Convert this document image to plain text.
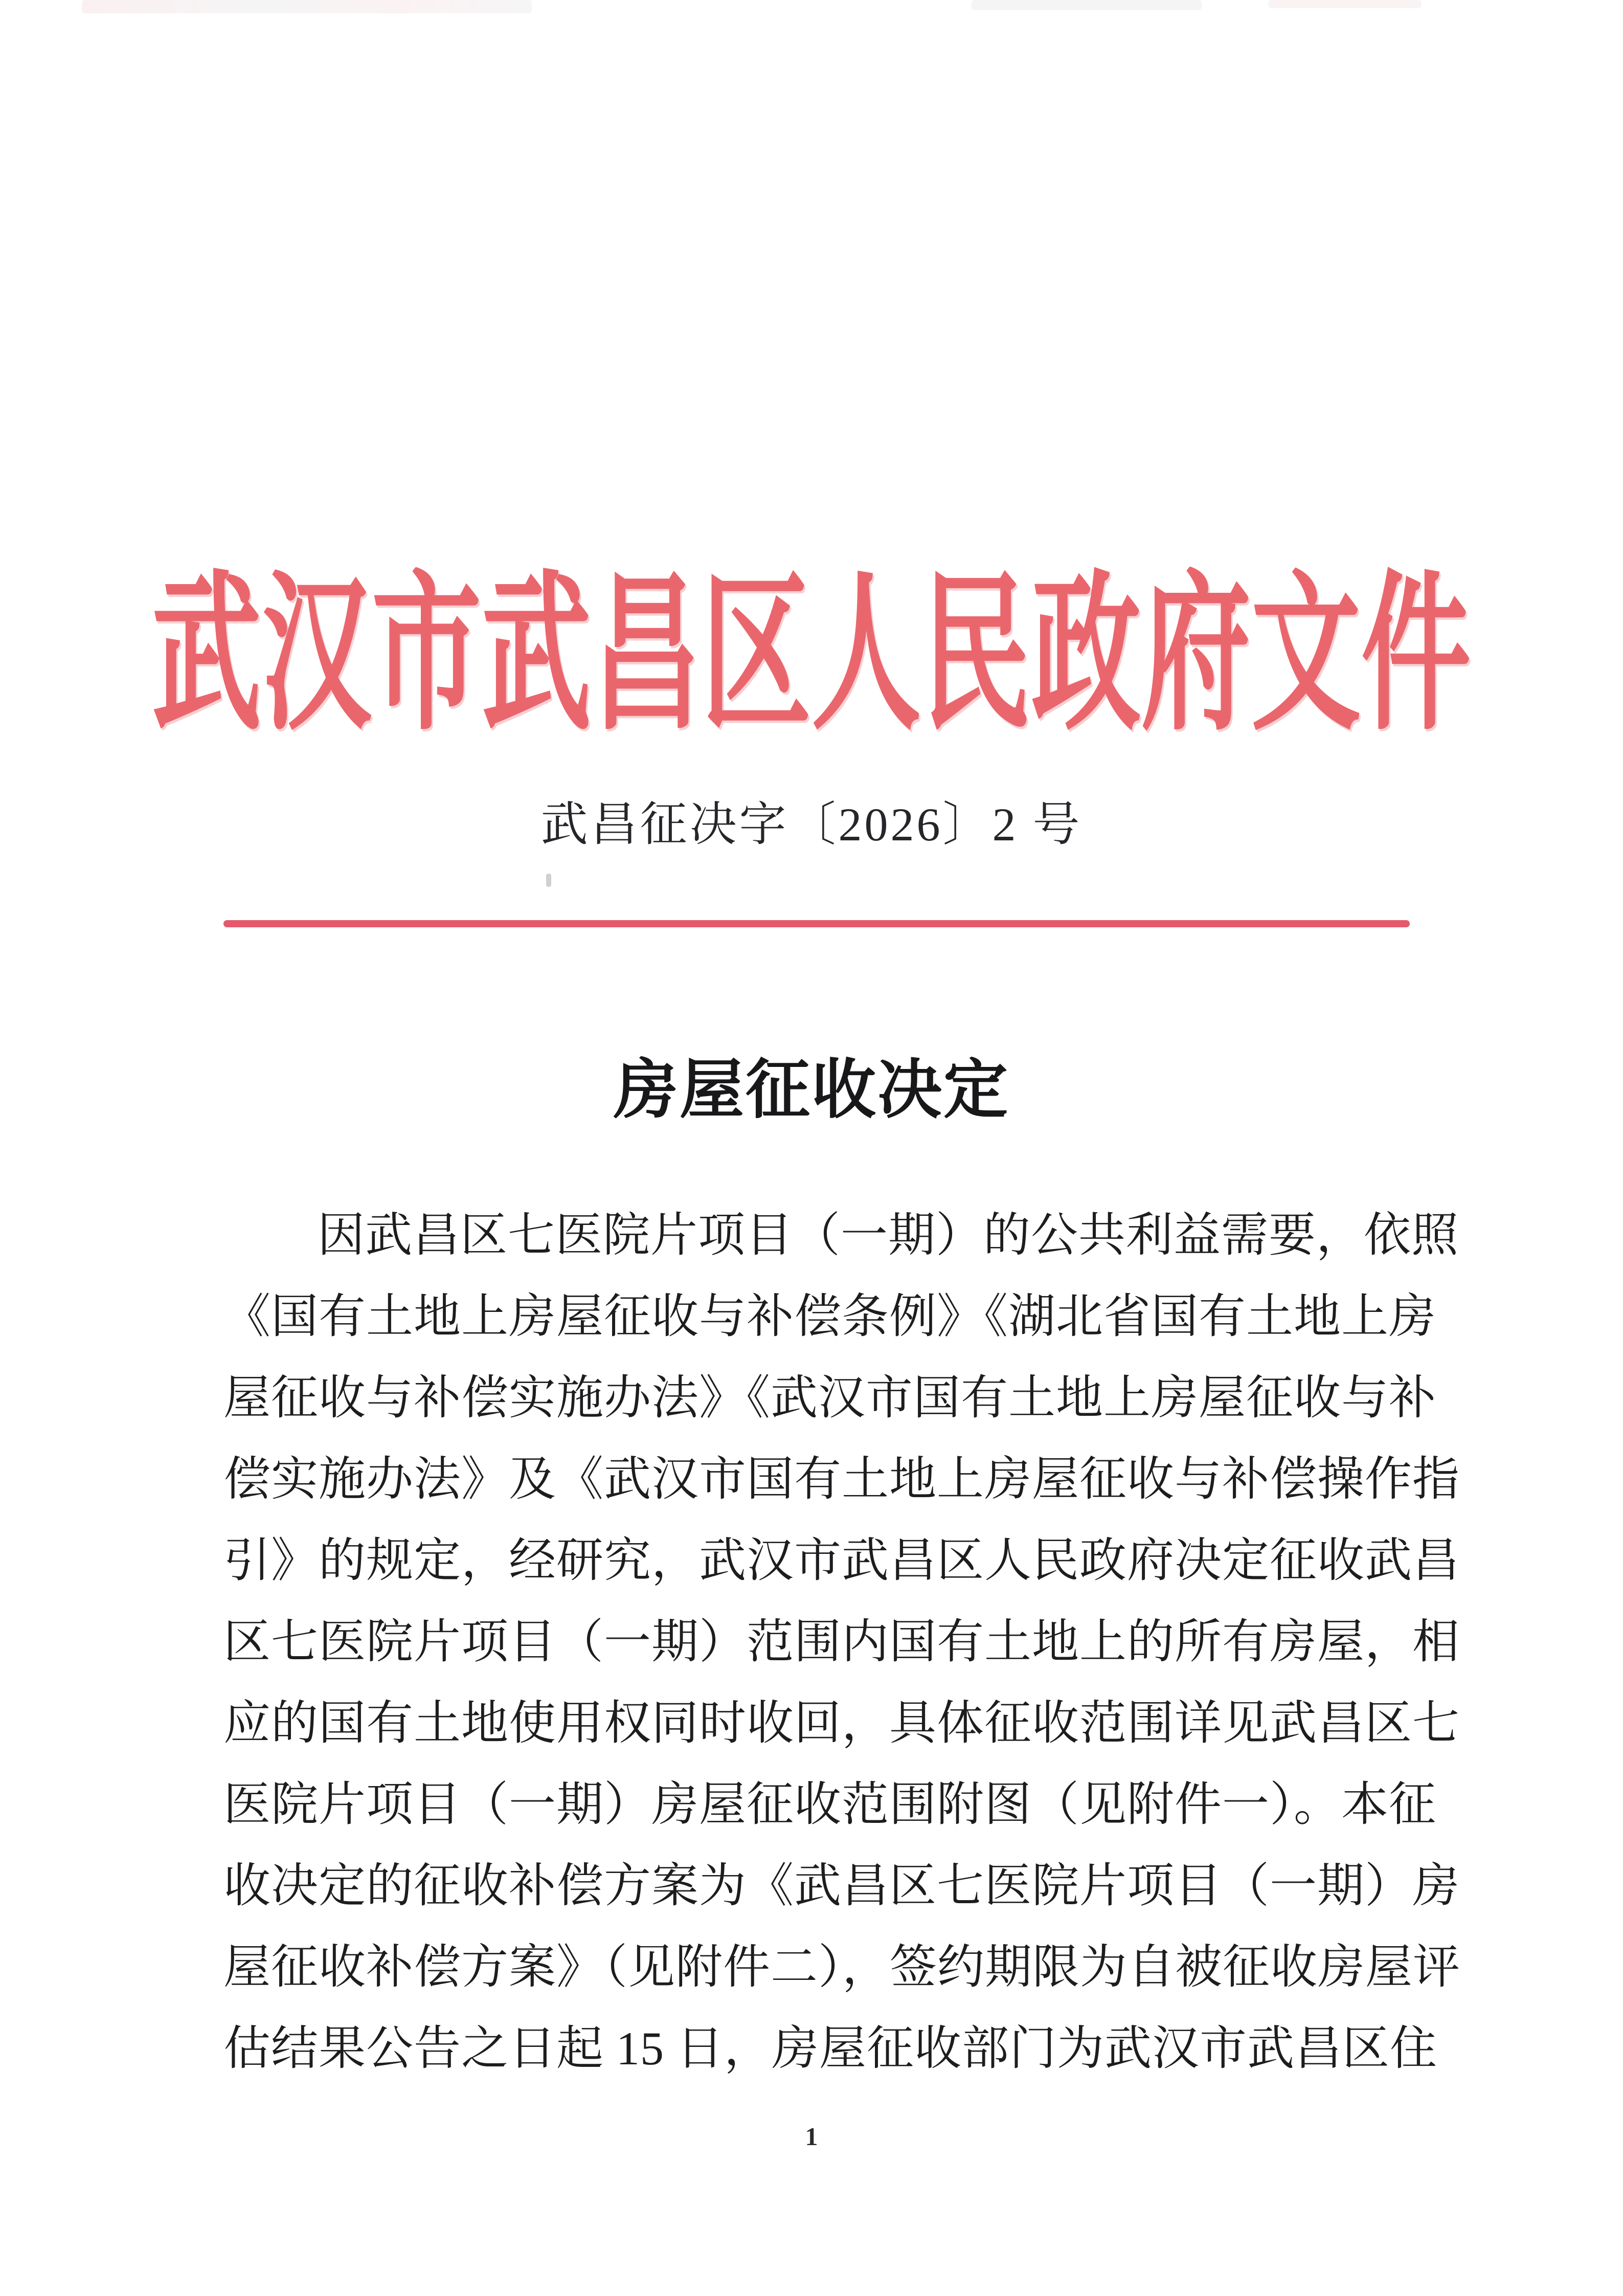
武汉市武昌区人民政府文件
武昌征决字〔2026〕2 号
房屋征收决定
因武昌区七医院片项目（一期）的公共利益需要，依照
《国有土地上房屋征收与补偿条例》《湖北省国有土地上房
屋征收与补偿实施办法》《武汉市国有土地上房屋征收与补
偿实施办法》及《武汉市国有土地上房屋征收与补偿操作指
引》的规定，经研究，武汉市武昌区人民政府决定征收武昌
区七医院片项目（一期）范围内国有土地上的所有房屋，相
应的国有土地使用权同时收回，具体征收范围详见武昌区七
医院片项目（一期）房屋征收范围附图（见附件一）。本征
收决定的征收补偿方案为《武昌区七医院片项目（一期）房
屋征收补偿方案》（见附件二），签约期限为自被征收房屋评
估结果公告之日起 15 日，房屋征收部门为武汉市武昌区住
1
